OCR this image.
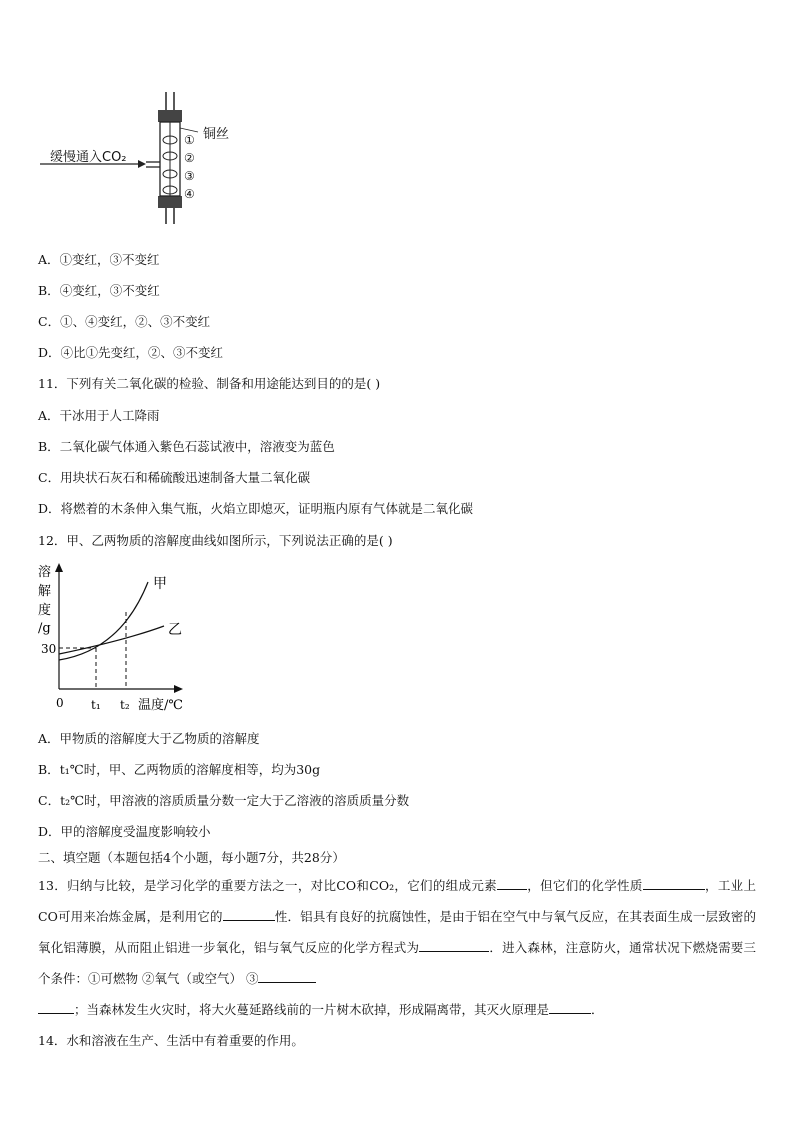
缓慢通入CO₂
铜丝
①
②
③
④
A．①变红，③不变红
B．④变红，③不变红
C．①、④变红，②、③不变红
D．④比①先变红，②、③不变红
11．下列有关二氧化碳的检验、制备和用途能达到目的的是( )
A．干冰用于人工降雨
B．二氧化碳气体通入紫色石蕊试液中，溶液变为蓝色
C．用块状石灰石和稀硫酸迅速制备大量二氧化碳
D．将燃着的木条伸入集气瓶，火焰立即熄灭，证明瓶内原有气体就是二氧化碳
12．甲、乙两物质的溶解度曲线如图所示，下列说法正确的是( )
溶
解
度
/g
30
0 t₁ t₂ 温度/℃
甲
乙
A．甲物质的溶解度大于乙物质的溶解度
B．t₁℃时，甲、乙两物质的溶解度相等，均为30g
C．t₂℃时，甲溶液的溶质质量分数一定大于乙溶液的溶质质量分数
D．甲的溶解度受温度影响较小
二、填空题（本题包括4个小题，每小题7分，共28分）
13．归纳与比较，是学习化学的重要方法之一，对比CO和CO₂，它们的组成元素 ，但它们的化学性质	，工业上CO可用来冶炼金属，是利用它的	性．铝具有良好的抗腐蚀性，是由于铝在空气中与氧气反应，在其表面生成一层致密的氧化铝薄膜，从而阻止铝进一步氧化，铝与氧气反应的化学方程式为	．进入森林，注意防火，通常状况下燃烧需要三个条件：①可燃物 ②氧气（或空气） ③
；当森林发生火灾时，将大火蔓延路线前的一片树木砍掉，形成隔离带，其灭火原理是	．
14．水和溶液在生产、生活中有着重要的作用。
